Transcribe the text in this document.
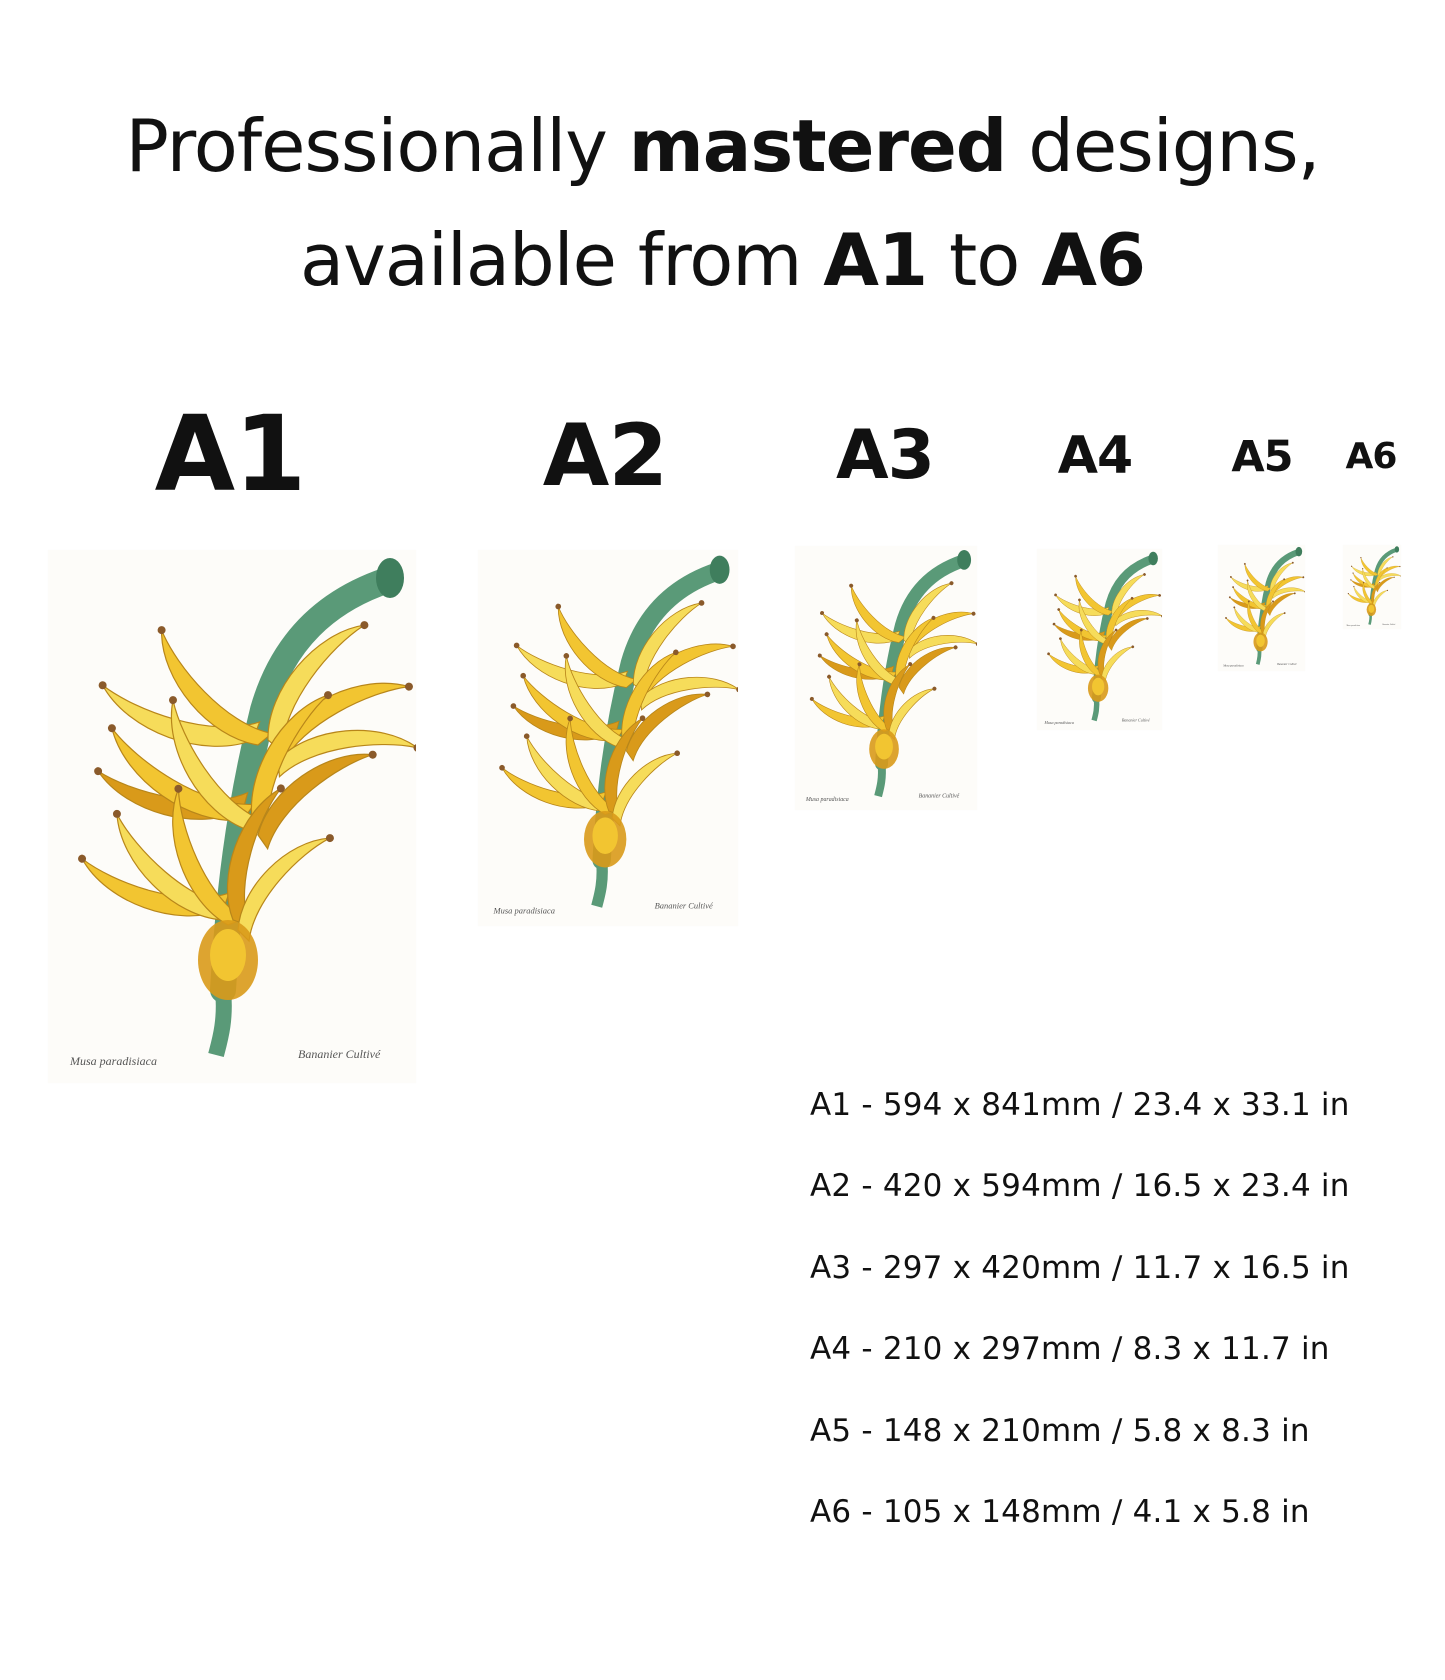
Professionally mastered designs,
available from A1 to A6
A1	A2 A3	A4 A5 A6
Musa paradisiaca	Bananier Cultivé
Musa paradisiaca	Bananier Cultivé
Musa paradisiaca
Bananier Cultivé
Musa paradisiaca	Bananier Cultivé
Musa paradisiaca	Bananier Cultivé
Musa paradisiaca
Bananier Cultivé
A1 - 594 x 841mm / 23.4 x 33.1 in
A2 - 420 x 594mm / 16.5 x 23.4 in
A3 - 297 x 420mm / 11.7 x 16.5 in
A4 - 210 x 297mm / 8.3 x 11.7 in
A5 - 148 x 210mm / 5.8 x 8.3 in
A6 - 105 x 148mm / 4.1 x 5.8 in
